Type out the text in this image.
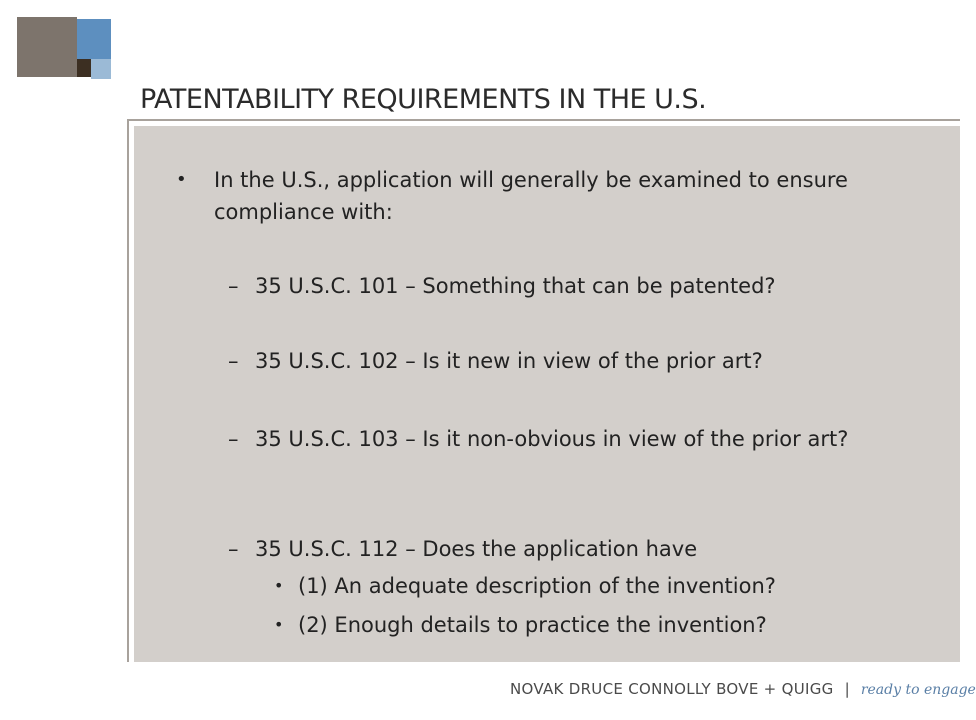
PATENTABILITY REQUIREMENTS IN THE U.S.
• In the U.S., application will generally be examined to ensure compliance with:
– 35 U.S.C. 101 – Something that can be patented?
– 35 U.S.C. 102 – Is it new in view of the prior art?
– 35 U.S.C. 103 – Is it non-obvious in view of the prior art?
– 35 U.S.C. 112 – Does the application have
• (1) An adequate description of the invention?
• (2) Enough details to practice the invention?
NOVAK DRUCE CONNOLLY BOVE + QUIGG | ready to engage
